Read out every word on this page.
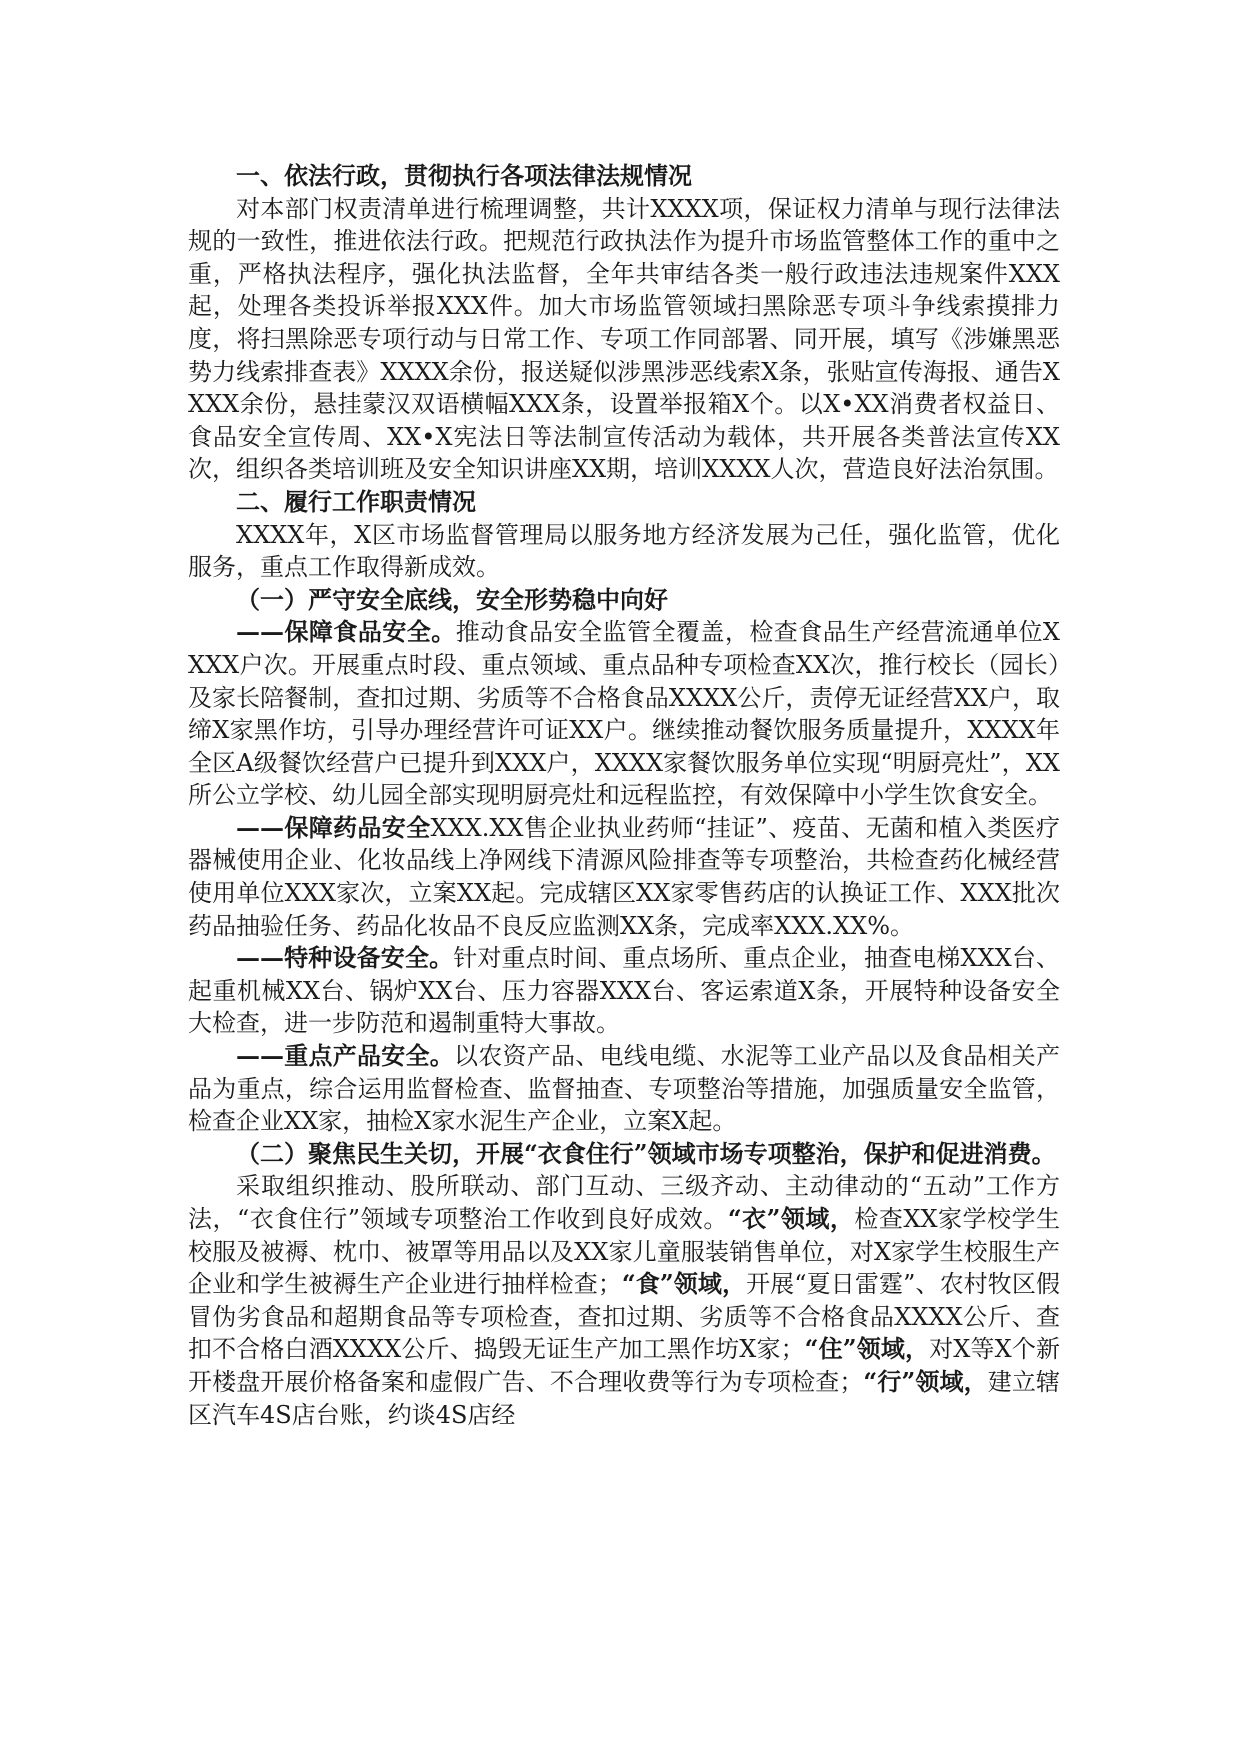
一、依法行政，贯彻执行各项法律法规情况

对本部门权责清单进行梳理调整，共计XXXX项，保证权力清单与现行法律法规的一致性，推进依法行政。把规范行政执法作为提升市场监管整体工作的重中之重，严格执法程序，强化执法监督，全年共审结各类一般行政违法违规案件XXX起，处理各类投诉举报XXX件。加大市场监管领域扫黑除恶专项斗争线索摸排力度，将扫黑除恶专项行动与日常工作、专项工作同部署、同开展，填写《涉嫌黑恶势力线索排查表》XXXX余份，报送疑似涉黑涉恶线索X条，张贴宣传海报、通告XXXX余份，悬挂蒙汉双语横幅XXX条，设置举报箱X个。以X•XX消费者权益日、食品安全宣传周、XX•X宪法日等法制宣传活动为载体，共开展各类普法宣传XX次，组织各类培训班及安全知识讲座XX期，培训XXXX人次，营造良好法治氛围。

二、履行工作职责情况

XXXX年，X区市场监督管理局以服务地方经济发展为己任，强化监管，优化服务，重点工作取得新成效。

（一）严守安全底线，安全形势稳中向好

——保障食品安全。推动食品安全监管全覆盖，检查食品生产经营流通单位XXXX户次。开展重点时段、重点领域、重点品种专项检查XX次，推行校长（园长）及家长陪餐制，查扣过期、劣质等不合格食品XXXX公斤，责停无证经营XX户，取缔X家黑作坊，引导办理经营许可证XX户。继续推动餐饮服务质量提升，XXXX年全区A级餐饮经营户已提升到XXX户，XXXX家餐饮服务单位实现“明厨亮灶”，XX所公立学校、幼儿园全部实现明厨亮灶和远程监控，有效保障中小学生饮食安全。

——保障药品安全XXX.XX售企业执业药师“挂证”、疫苗、无菌和植入类医疗器械使用企业、化妆品线上净网线下清源风险排查等专项整治，共检查药化械经营使用单位XXX家次，立案XX起。完成辖区XX家零售药店的认换证工作、XXX批次药品抽验任务、药品化妆品不良反应监测XX条，完成率XXX.XX%。

——特种设备安全。针对重点时间、重点场所、重点企业，抽查电梯XXX台、起重机械XX台、锅炉XX台、压力容器XXX台、客运索道X条，开展特种设备安全大检查，进一步防范和遏制重特大事故。

——重点产品安全。以农资产品、电线电缆、水泥等工业产品以及食品相关产品为重点，综合运用监督检查、监督抽查、专项整治等措施，加强质量安全监管，检查企业XX家，抽检X家水泥生产企业，立案X起。

（二）聚焦民生关切，开展“衣食住行”领域市场专项整治，保护和促进消费。

采取组织推动、股所联动、部门互动、三级齐动、主动律动的“五动”工作方法，“衣食住行”领域专项整治工作收到良好成效。“衣”领域，检查XX家学校学生校服及被褥、枕巾、被罩等用品以及XX家儿童服装销售单位，对X家学生校服生产企业和学生被褥生产企业进行抽样检查；“食”领域，开展“夏日雷霆”、农村牧区假冒伪劣食品和超期食品等专项检查，查扣过期、劣质等不合格食品XXXX公斤、查扣不合格白酒XXXX公斤、捣毁无证生产加工黑作坊X家；“住”领域，对X等X个新开楼盘开展价格备案和虚假广告、不合理收费等行为专项检查；“行”领域，建立辖区汽车4S店台账，约谈4S店经
